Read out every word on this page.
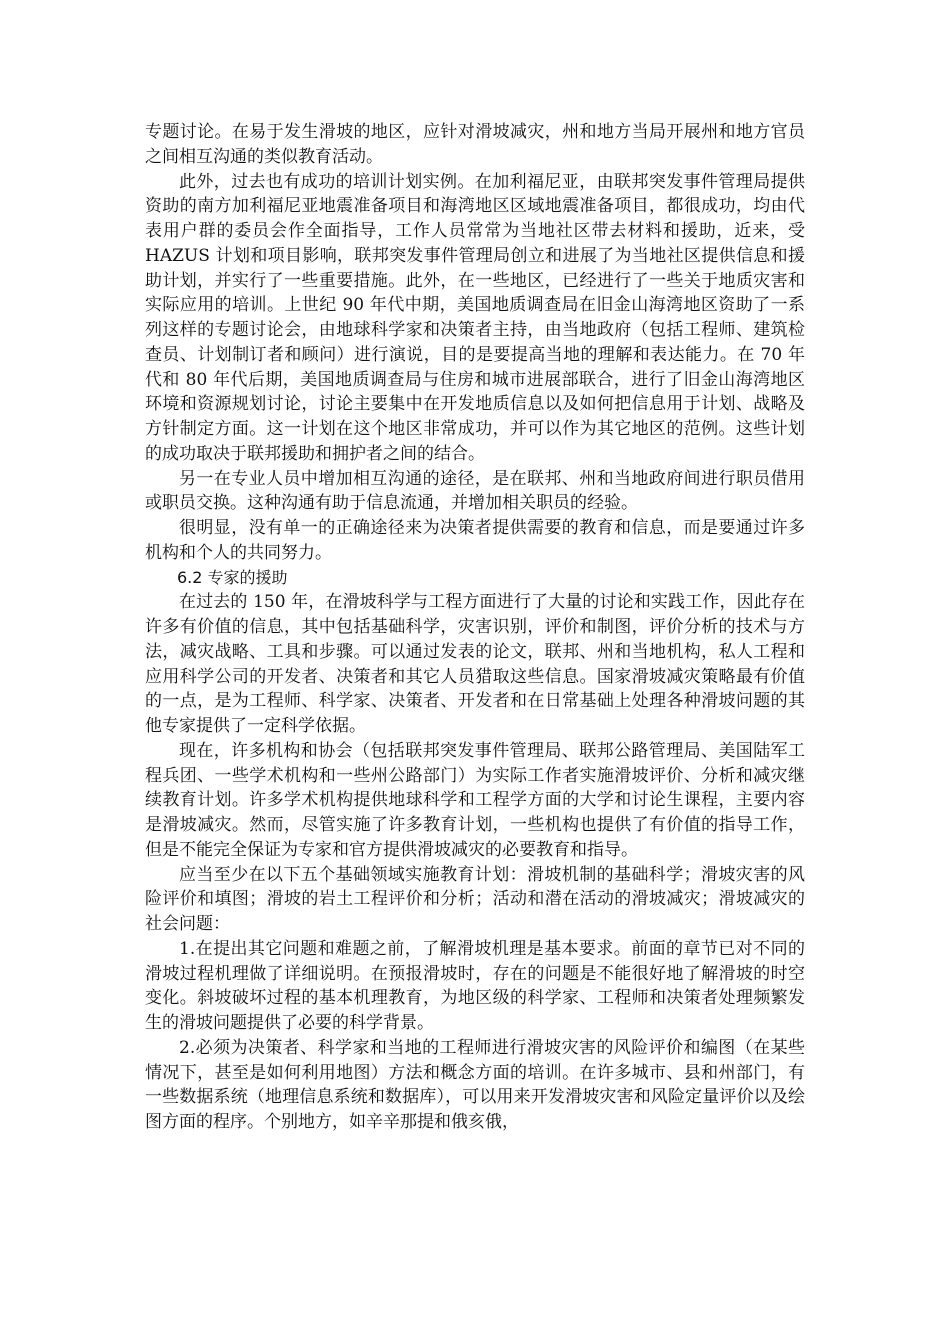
专题讨论。在易于发生滑坡的地区，应针对滑坡减灾，州和地方当局开展州和地方官员之间相互沟通的类似教育活动。

此外，过去也有成功的培训计划实例。在加利福尼亚，由联邦突发事件管理局提供资助的南方加利福尼亚地震准备项目和海湾地区区域地震准备项目，都很成功，均由代表用户群的委员会作全面指导，工作人员常常为当地社区带去材料和援助，近来，受 HAZUS 计划和项目影响，联邦突发事件管理局创立和进展了为当地社区提供信息和援助计划，并实行了一些重要措施。此外，在一些地区，已经进行了一些关于地质灾害和实际应用的培训。上世纪 90 年代中期，美国地质调查局在旧金山海湾地区资助了一系列这样的专题讨论会，由地球科学家和决策者主持，由当地政府（包括工程师、建筑检查员、计划制订者和顾问）进行演说，目的是要提高当地的理解和表达能力。在 70 年代和 80 年代后期，美国地质调查局与住房和城市进展部联合，进行了旧金山海湾地区环境和资源规划讨论，讨论主要集中在开发地质信息以及如何把信息用于计划、战略及方针制定方面。这一计划在这个地区非常成功，并可以作为其它地区的范例。这些计划的成功取决于联邦援助和拥护者之间的结合。

另一在专业人员中增加相互沟通的途径，是在联邦、州和当地政府间进行职员借用或职员交换。这种沟通有助于信息流通，并增加相关职员的经验。

很明显，没有单一的正确途径来为决策者提供需要的教育和信息，而是要通过许多机构和个人的共同努力。

6.2 专家的援助

在过去的 150 年，在滑坡科学与工程方面进行了大量的讨论和实践工作，因此存在许多有价值的信息，其中包括基础科学，灾害识别，评价和制图，评价分析的技术与方法，减灾战略、工具和步骤。可以通过发表的论文，联邦、州和当地机构，私人工程和应用科学公司的开发者、决策者和其它人员猎取这些信息。国家滑坡减灾策略最有价值的一点，是为工程师、科学家、决策者、开发者和在日常基础上处理各种滑坡问题的其他专家提供了一定科学依据。

现在，许多机构和协会（包括联邦突发事件管理局、联邦公路管理局、美国陆军工程兵团、一些学术机构和一些州公路部门）为实际工作者实施滑坡评价、分析和减灾继续教育计划。许多学术机构提供地球科学和工程学方面的大学和讨论生课程，主要内容是滑坡减灾。然而，尽管实施了许多教育计划，一些机构也提供了有价值的指导工作，但是不能完全保证为专家和官方提供滑坡减灾的必要教育和指导。

应当至少在以下五个基础领域实施教育计划：滑坡机制的基础科学；滑坡灾害的风险评价和填图；滑坡的岩土工程评价和分析；活动和潜在活动的滑坡减灾；滑坡减灾的社会问题：

1.在提出其它问题和难题之前，了解滑坡机理是基本要求。前面的章节已对不同的滑坡过程机理做了详细说明。在预报滑坡时，存在的问题是不能很好地了解滑坡的时空变化。斜坡破坏过程的基本机理教育，为地区级的科学家、工程师和决策者处理频繁发生的滑坡问题提供了必要的科学背景。

2.必须为决策者、科学家和当地的工程师进行滑坡灾害的风险评价和编图（在某些情况下，甚至是如何利用地图）方法和概念方面的培训。在许多城市、县和州部门，有一些数据系统（地理信息系统和数据库），可以用来开发滑坡灾害和风险定量评价以及绘图方面的程序。个别地方，如辛辛那提和俄亥俄，
